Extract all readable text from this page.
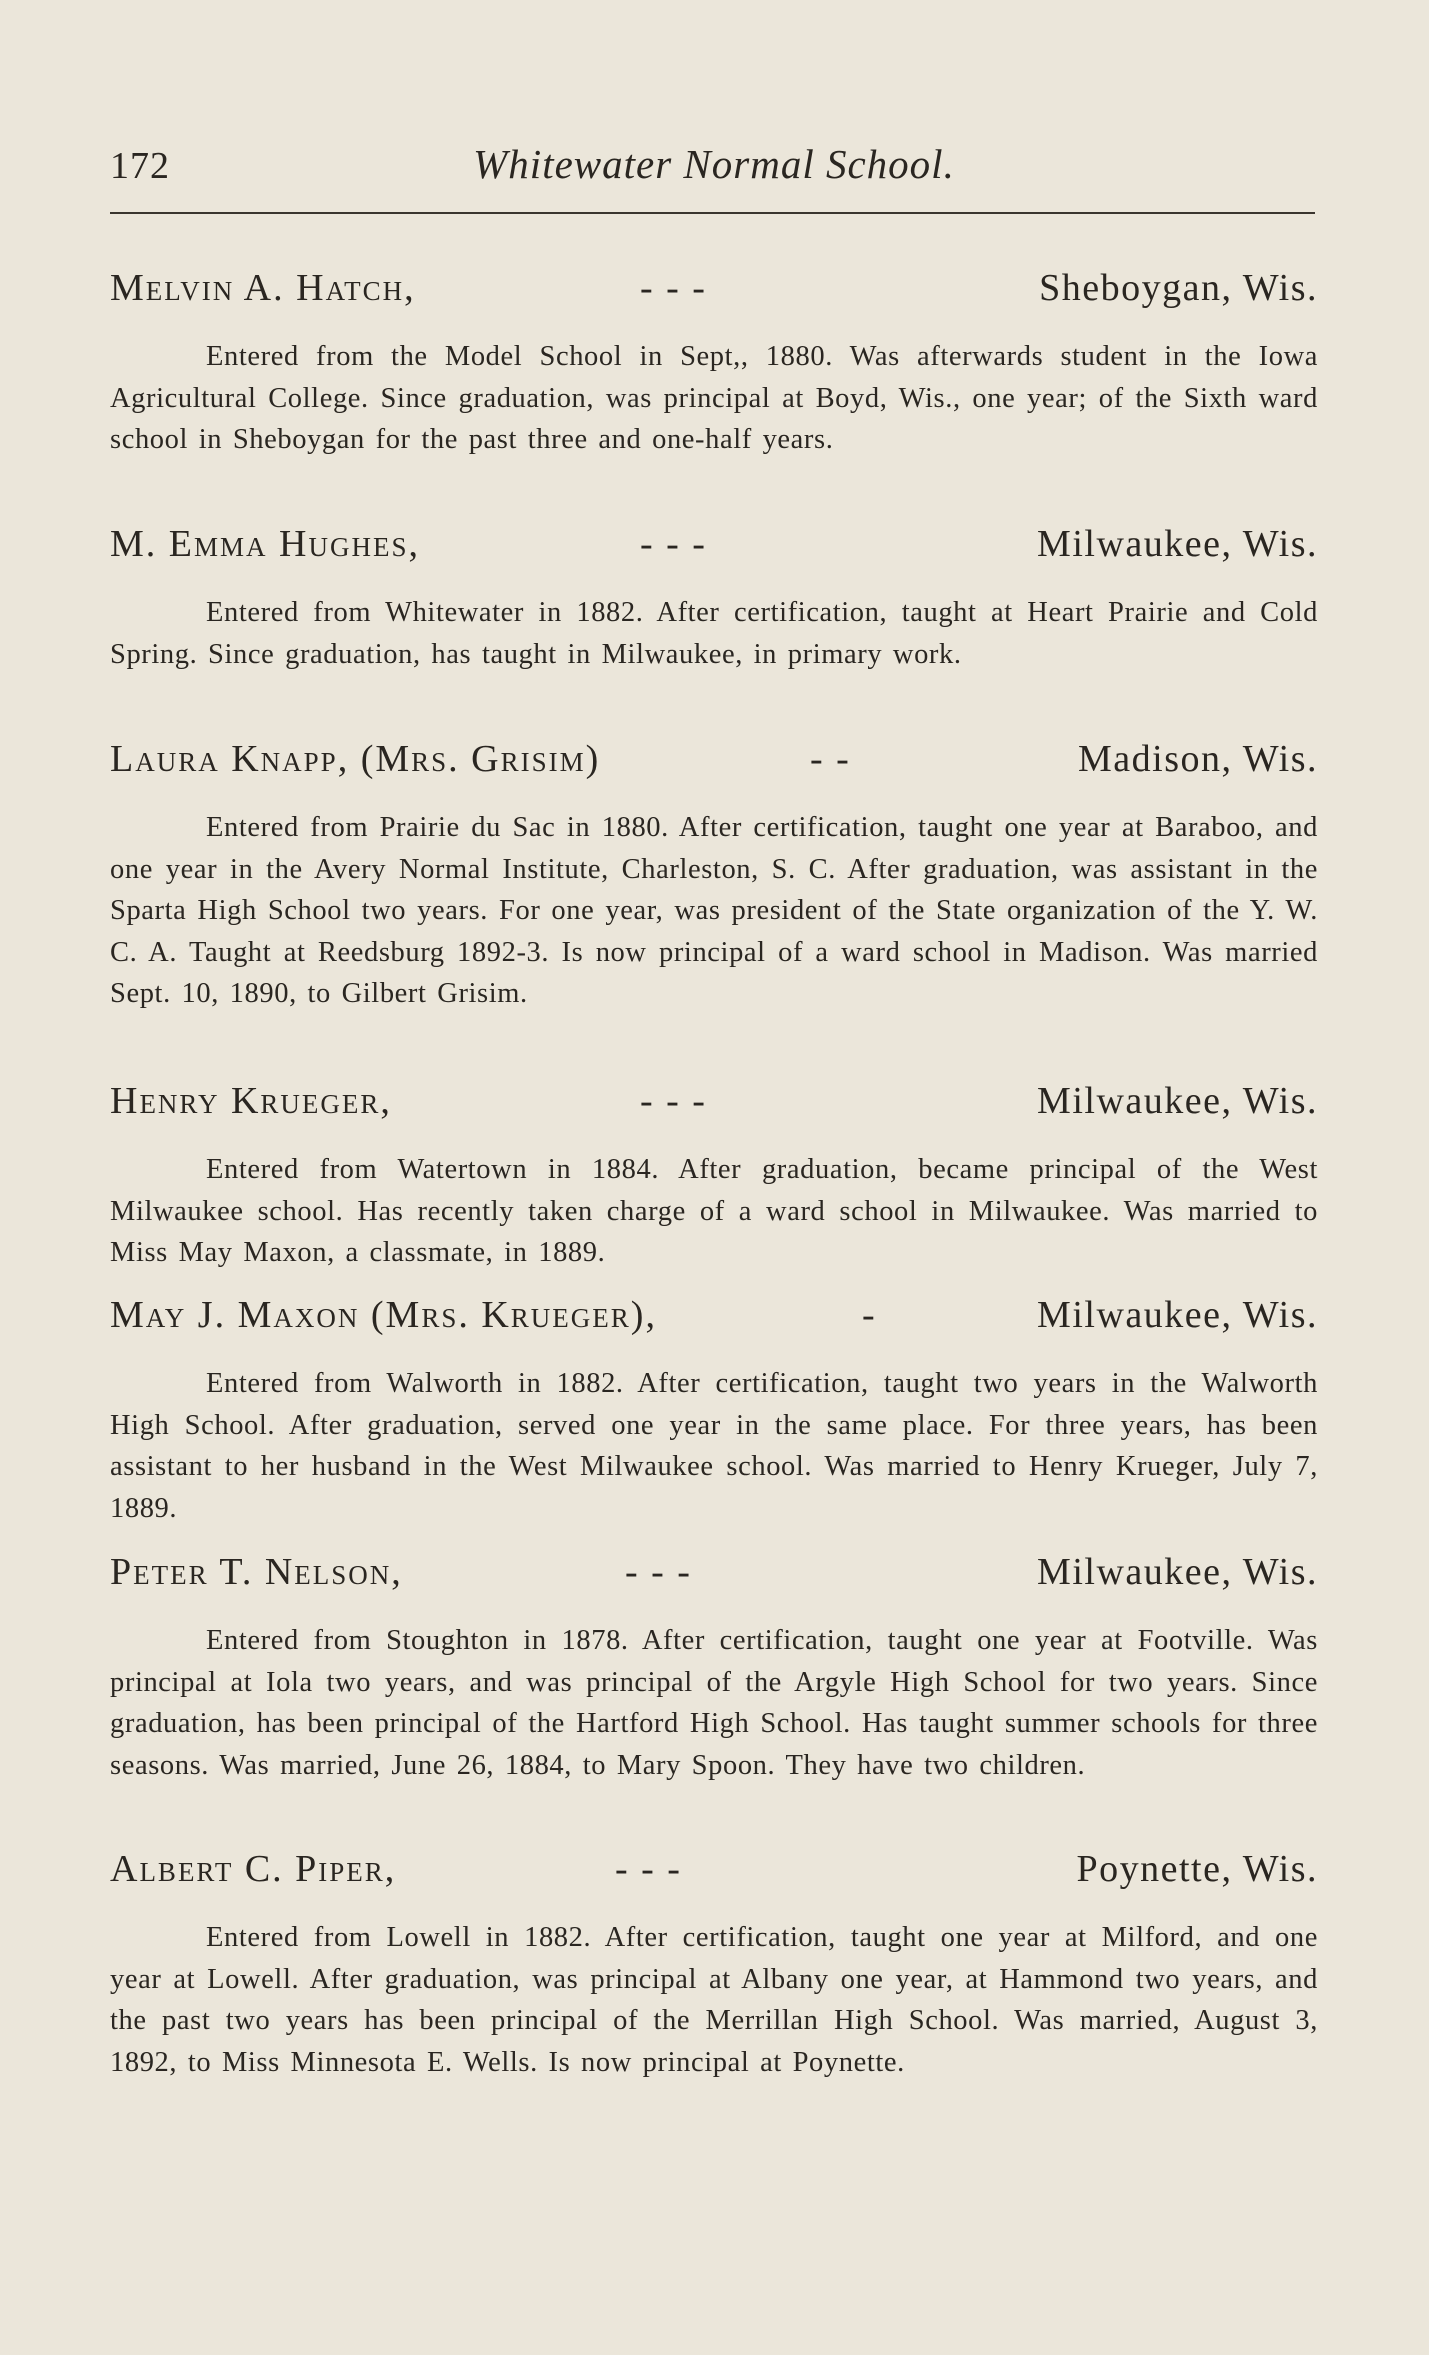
172	Whitewater Normal School.
Melvin A. Hatch,	- - -	Sheboygan, Wis.
Entered from the Model School in Sept,, 1880. Was afterwards student in the Iowa Agricultural College. Since graduation, was principal at Boyd, Wis., one year; of the Sixth ward school in Sheboygan for the past three and one-half years.
M. Emma Hughes,	- - -	Milwaukee, Wis.
Entered from Whitewater in 1882. After certification, taught at Heart Prairie and Cold Spring. Since graduation, has taught in Milwaukee, in primary work.
Laura Knapp, (Mrs. Grisim)	- -	Madison, Wis.
Entered from Prairie du Sac in 1880. After certification, taught one year at Baraboo, and one year in the Avery Normal Institute, Charleston, S. C. After graduation, was assistant in the Sparta High School two years. For one year, was president of the State organization of the Y. W. C. A. Taught at Reedsburg 1892-3. Is now principal of a ward school in Madison. Was married Sept. 10, 1890, to Gilbert Grisim.
Henry Krueger,	- - -	Milwaukee, Wis.
Entered from Watertown in 1884. After graduation, became principal of the West Milwaukee school. Has recently taken charge of a ward school in Milwaukee. Was married to Miss May Maxon, a classmate, in 1889.
May J. Maxon (Mrs. Krueger),	-	Milwaukee, Wis.
Entered from Walworth in 1882. After certification, taught two years in the Walworth High School. After graduation, served one year in the same place. For three years, has been assistant to her husband in the West Milwaukee school. Was married to Henry Krueger, July 7, 1889.
Peter T. Nelson,	- - -	Milwaukee, Wis.
Entered from Stoughton in 1878. After certification, taught one year at Footville. Was principal at Iola two years, and was principal of the Argyle High School for two years. Since graduation, has been principal of the Hartford High School. Has taught summer schools for three seasons. Was married, June 26, 1884, to Mary Spoon. They have two children.
Albert C. Piper,	- - -	Poynette, Wis.
Entered from Lowell in 1882. After certification, taught one year at Milford, and one year at Lowell. After graduation, was principal at Albany one year, at Hammond two years, and the past two years has been principal of the Merrillan High School. Was married, August 3, 1892, to Miss Minnesota E. Wells. Is now principal at Poynette.
